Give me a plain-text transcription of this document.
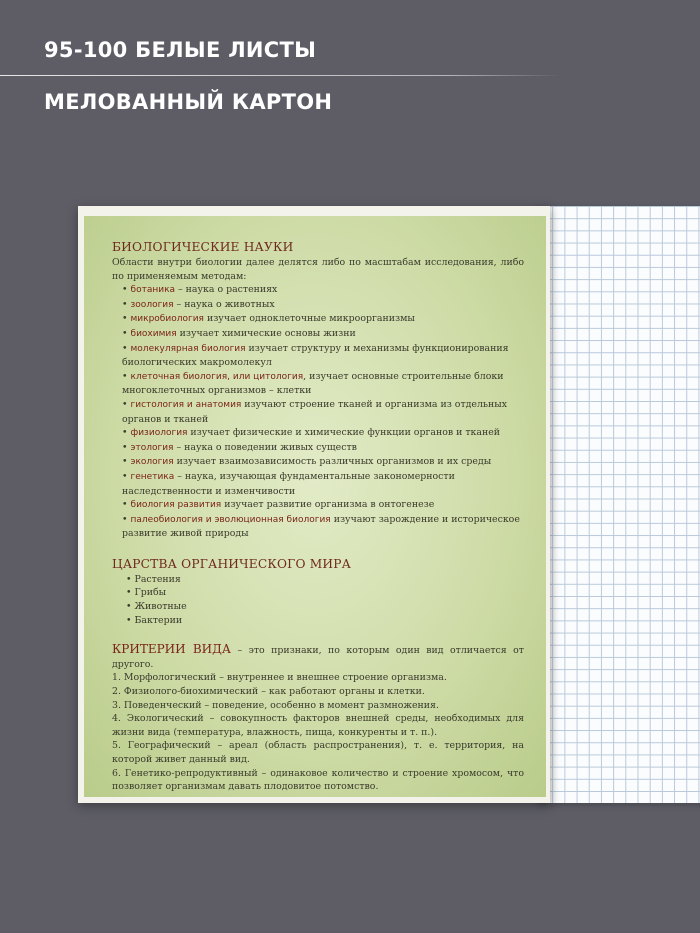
95-100 БЕЛЫЕ ЛИСТЫ
МЕЛОВАННЫЙ КАРТОН
БИОЛОГИЧЕСКИЕ НАУКИ

Области внутри биологии далее делятся либо по масштабам исследования, либо по применяемым методам:

• ботаника – наука о растениях

• зоология – наука о животных

• микробиология изучает одноклеточные микроорганизмы

• биохимия изучает химические основы жизни

• молекулярная биология изучает структуру и механизмы функционирования биологических макромолекул

• клеточная биология, или цитология, изучает основные строительные блоки многоклеточных организмов – клетки

• гистология и анатомия изучают строение тканей и организма из отдельных органов и тканей

• физиология изучает физические и химические функции органов и тканей

• этология – наука о поведении живых существ

• экология изучает взаимозависимость различных организмов и их среды

• генетика – наука, изучающая фундаментальные закономерности наследственности и изменчивости

• биология развития изучает развитие организма в онтогенезе

• палеобиология и эволюционная биология изучают зарождение и историческое развитие живой природы

ЦАРСТВА ОРГАНИЧЕСКОГО МИРА

• Растения

• Грибы

• Животные

• Бактерии

КРИТЕРИИ ВИДА – это признаки, по которым один вид отличается от другого.

1. Морфологический – внутреннее и внешнее строение организма.

2. Физиолого-биохимический – как работают органы и клетки.

3. Поведенческий – поведение, особенно в момент размножения.

4. Экологический – совокупность факторов внешней среды, необходимых для жизни вида (температура, влажность, пища, конкуренты и т. п.).

5. Географический – ареал (область распространения), т. е. территория, на которой живет данный вид.

6. Генетико-репродуктивный – одинаковое количество и строение хромосом, что позволяет организмам давать плодовитое потомство.
